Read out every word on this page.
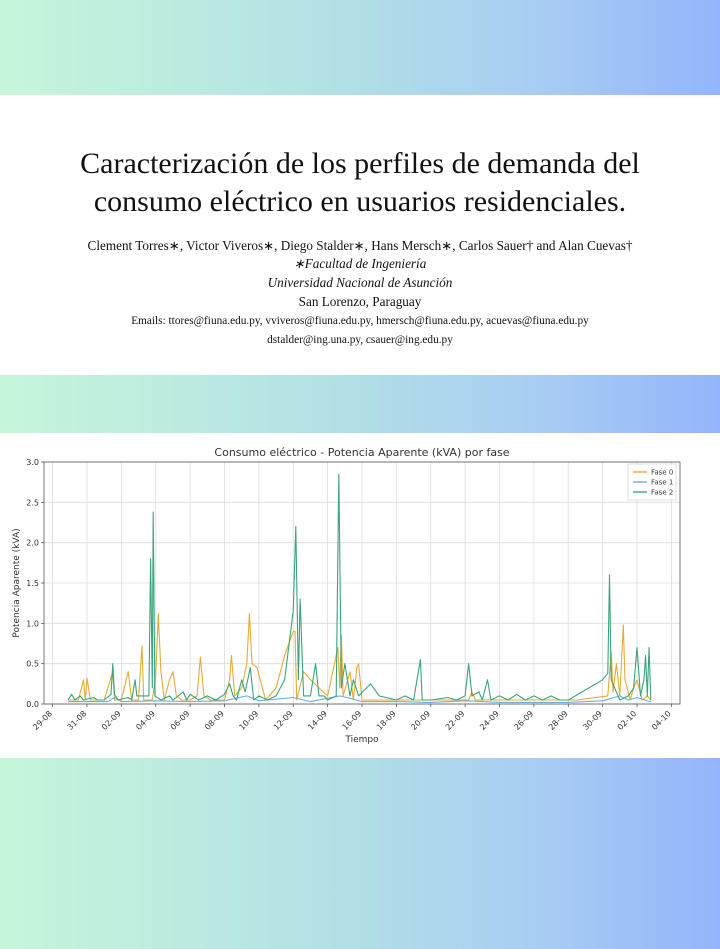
Caracterización de los perfiles de demanda del
consumo eléctrico en usuarios residenciales.
Clement Torres∗, Victor Viveros∗, Diego Stalder∗, Hans Mersch∗, Carlos Sauer† and Alan Cuevas†
∗Facultad de Ingeniería
Universidad Nacional de Asunción
San Lorenzo, Paraguay
Emails: ttores@fiuna.edu.py, vviveros@fiuna.edu.py, hmersch@fiuna.edu.py, acuevas@fiuna.edu.py
dstalder@ing.una.py, csauer@ing.edu.py
0.0
0.5
1.0
1.5
2.0
2.5
3.0
29-08 31-08 02-09 04-09 06-09 08-09 10-09 12-09 14-09 16-09 18-09 20-09 22-09 24-09 26-09 28-09 30-09 02-10 04-10
Consumo eléctrico - Potencia Aparente (kVA) por fase
Tiempo
Potencia Aparente (kVA)
Fase 0
Fase 1
Fase 2
